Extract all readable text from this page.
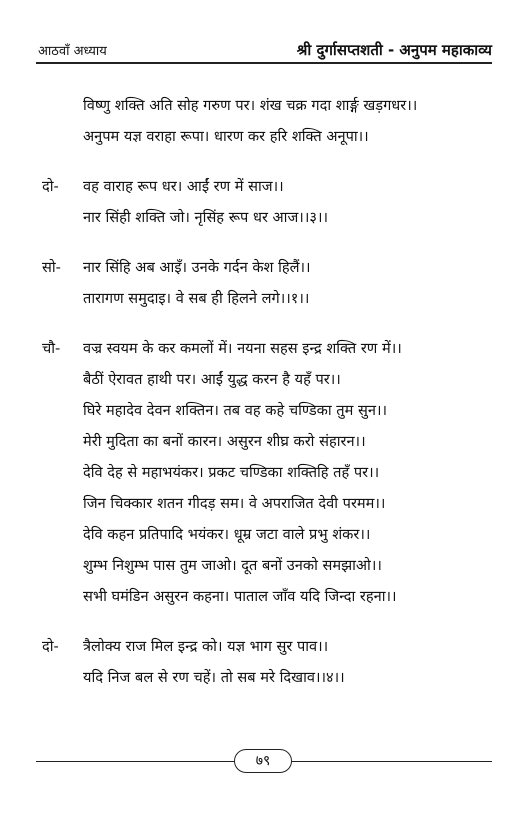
आठवाँ अध्याय	श्री दुर्गासप्तशती - अनुपम महाकाव्य
विष्णु शक्ति अति सोह गरुण पर। शंख चक्र गदा शार्ङ्ग खड़गधर।।
अनुपम यज्ञ वराहा रूपा। धारण कर हरि शक्ति अनूपा।।
दो-	वह वाराह रूप धर। आईं रण में साज।।
नार सिंही शक्ति जो। नृसिंह रूप धर आज।।३।।
सो-	नार सिंहि अब आइँ। उनके गर्दन केश हिलैं।।
तारागण समुदाइ। वे सब ही हिलने लगे।।१।।
चौ-	वज्र स्वयम के कर कमलों में। नयना सहस इन्द्र शक्ति रण में।।
बैठीं ऐरावत हाथी पर। आईं युद्ध करन है यहँ पर।।
घिरे महादेव देवन शक्तिन। तब वह कहे चण्डिका तुम सुन।।
मेरी मुदिता का बनों कारन। असुरन शीघ्र करो संहारन।।
देवि देह से महाभयंकर। प्रकट चण्डिका शक्तिहि तहँ पर।।
जिन चिक्कार शतन गीदड़ सम। वे अपराजित देवी परमम।।
देवि कहन प्रतिपादि भयंकर। धूम्र जटा वाले प्रभु शंकर।।
शुम्भ निशुम्भ पास तुम जाओ। दूत बनों उनको समझाओ।।
सभी घमंडिन असुरन कहना। पाताल जाँव यदि जिन्दा रहना।।
दो-	त्रैलोक्य राज मिल इन्द्र को। यज्ञ भाग सुर पाव।।
यदि निज बल से रण चहें। तो सब मरे दिखाव।।४।।
७९
